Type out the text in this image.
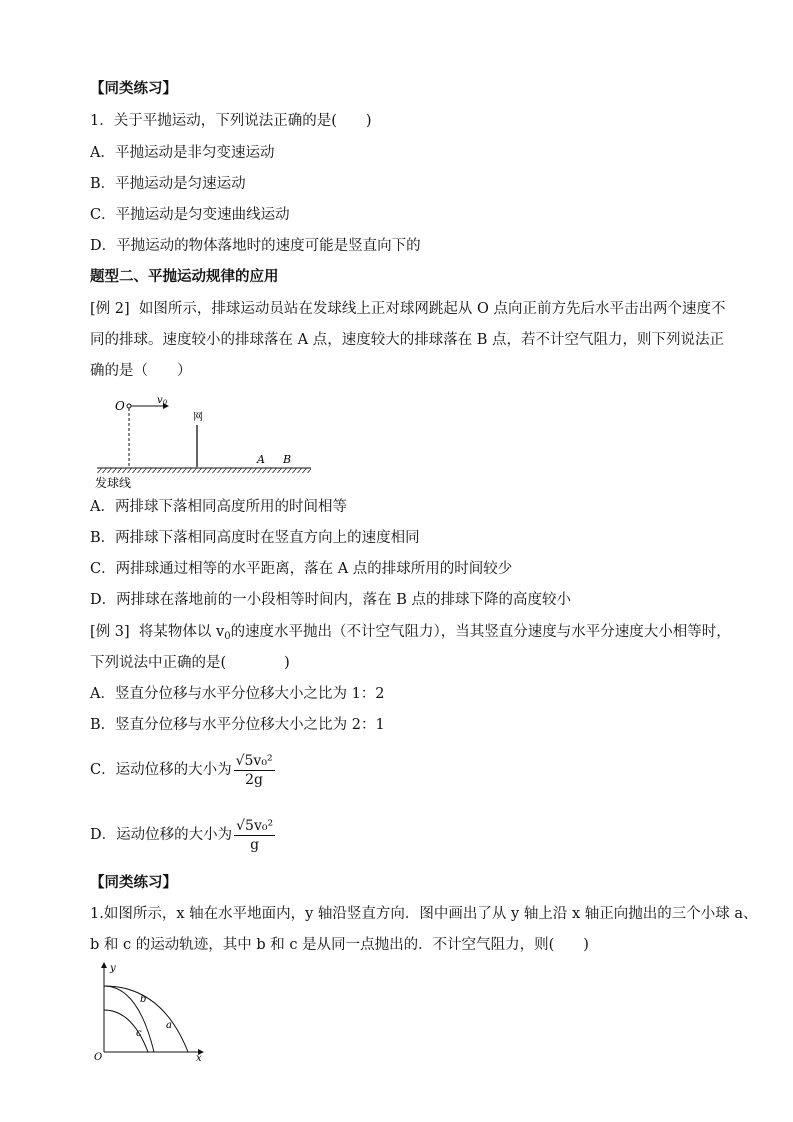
【同类练习】
1．关于平抛运动，下列说法正确的是(　　)
A．平抛运动是非匀变速运动
B．平抛运动是匀速运动
C．平抛运动是匀变速曲线运动
D．平抛运动的物体落地时的速度可能是竖直向下的
题型二、平抛运动规律的应用
[例 2] 如图所示，排球运动员站在发球线上正对球网跳起从 O 点向正前方先后水平击出两个速度不
同的排球。速度较小的排球落在 A 点，速度较大的排球落在 B 点，若不计空气阻力，则下列说法正
确的是（　　）
O	$v_0$
网
A B
发球线
A．两排球下落相同高度所用的时间相等
B．两排球下落相同高度时在竖直方向上的速度相同
C．两排球通过相等的水平距离，落在 A 点的排球所用的时间较少
D．两排球在落地前的一小段相等时间内，落在 B 点的排球下降的高度较小
[例 3] 将某物体以 $v_0$的速度水平抛出（不计空气阻力），当其竖直分速度与水平分速度大小相等时，
下列说法中正确的是(　　　　)
A．竖直分位移与水平分位移大小之比为 1：2
B．竖直分位移与水平分位移大小之比为 2：1
C．运动位移的大小为 $\frac{\text{√5v₀²}}{2g}$
D．运动位移的大小为 $\frac{\text{√5v₀²}}{g}$
【同类练习】
1.如图所示，x 轴在水平地面内，y 轴沿竖直方向．图中画出了从 y 轴上沿 x 轴正向抛出的三个小球 a、
b 和 c 的运动轨迹，其中 b 和 c 是从同一点抛出的．不计空气阻力，则(　　)
y
x
O
a
b
c
